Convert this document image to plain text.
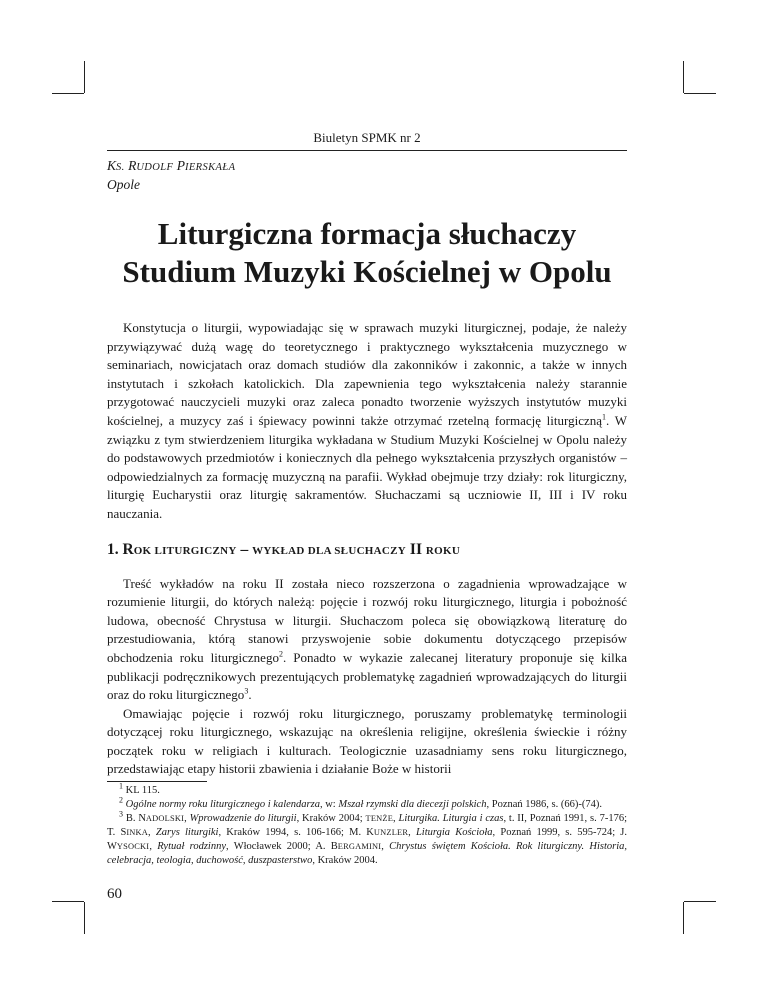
Biuletyn SPMK nr 2
KS. RUDOLF PIERSKAŁA
Opole
Liturgiczna formacja słuchaczy
Studium Muzyki Kościelnej w Opolu

Konstytucja o liturgii, wypowiadając się w sprawach muzyki liturgicznej, podaje, że należy przywiązywać dużą wagę do teoretycznego i praktycznego wykształcenia muzycznego w seminariach, nowicjatach oraz domach studiów dla zakonników i zakonnic, a także w innych instytutach i szkołach katolickich. Dla zapewnienia tego wykształcenia należy starannie przygotować nauczycieli muzyki oraz zaleca ponadto tworzenie wyższych instytutów muzyki kościelnej, a muzycy zaś i śpiewacy powinni także otrzymać rzetelną formację liturgiczną$^1$. W związku z tym stwierdzeniem liturgika wykładana w Studium Muzyki Kościelnej w Opolu należy do podstawowych przedmiotów i koniecznych dla pełnego wykształcenia przyszłych organistów – odpowiedzialnych za formację muzyczną na parafii. Wykład obejmuje trzy działy: rok liturgiczny, liturgię Eucharystii oraz liturgię sakramentów. Słuchaczami są uczniowie II, III i IV roku nauczania.

1. ROK LITURGICZNY – WYKŁAD DLA SŁUCHACZY II ROKU

Treść wykładów na roku II została nieco rozszerzona o zagadnienia wprowadzające w rozumienie liturgii, do których należą: pojęcie i rozwój roku liturgicznego, liturgia i pobożność ludowa, obecność Chrystusa w liturgii. Słuchaczom poleca się obowiązkową literaturę do przestudiowania, którą stanowi przyswojenie sobie dokumentu dotyczącego przepisów obchodzenia roku liturgicznego$^2$. Ponadto w wykazie zalecanej literatury proponuje się kilka publikacji podręcznikowych prezentujących problematykę zagadnień wprowadzających do liturgii oraz do roku liturgicznego$^3$.

Omawiając pojęcie i rozwój roku liturgicznego, poruszamy problematykę terminologii dotyczącej roku liturgicznego, wskazując na określenia religijne, określenia świeckie i różny początek roku w religiach i kulturach. Teologicznie uzasadniamy sens roku liturgicznego, przedstawiając etapy historii zbawienia i działanie Boże w historii

$^1$ KL 115.

$^2$ Ogólne normy roku liturgicznego i kalendarza, w: Mszał rzymski dla diecezji polskich, Poznań 1986, s. (66)-(74).

$^3$ B. NADOLSKI, Wprowadzenie do liturgii, Kraków 2004; TENŻE, Liturgika. Liturgia i czas, t. II, Poznań 1991, s. 7-176; T. SINKA, Zarys liturgiki, Kraków 1994, s. 106-166; M. KUNZLER, Liturgia Kościoła, Poznań 1999, s. 595-724; J. WYSOCKI, Rytuał rodzinny, Włocławek 2000; A. BERGAMINI, Chrystus świętem Kościoła. Rok liturgiczny. Historia, celebracja, teologia, duchowość, duszpasterstwo, Kraków 2004.

60
